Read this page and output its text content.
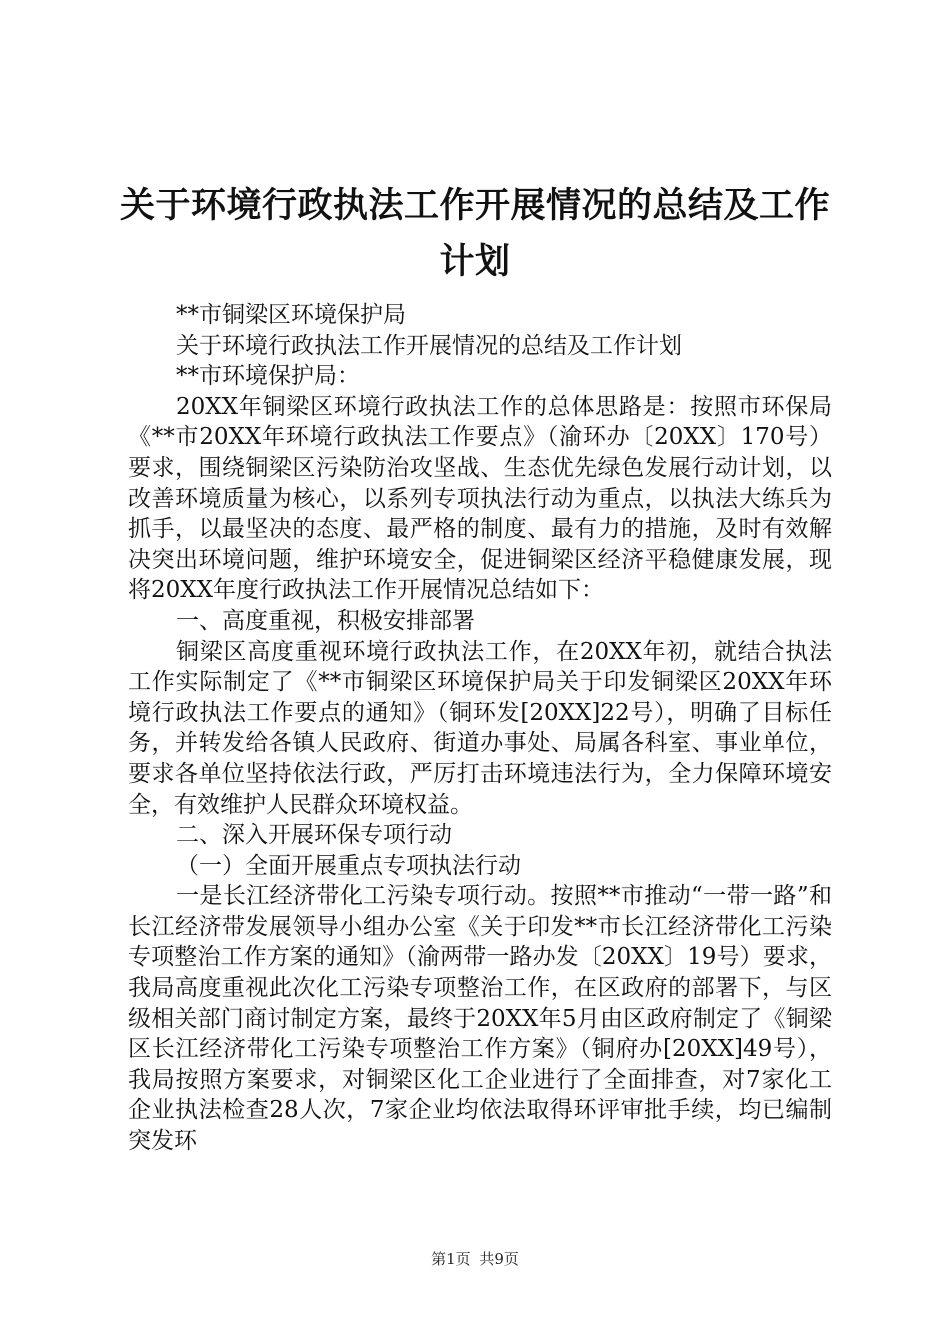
关于环境行政执法工作开展情况的总结及工作计划

**市铜梁区环境保护局

关于环境行政执法工作开展情况的总结及工作计划

**市环境保护局：

20XX年铜梁区环境行政执法工作的总体思路是：按照市环保局《**市20XX年环境行政执法工作要点》（渝环办〔20XX〕170号）要求，围绕铜梁区污染防治攻坚战、生态优先绿色发展行动计划，以改善环境质量为核心，以系列专项执法行动为重点，以执法大练兵为抓手，以最坚决的态度、最严格的制度、最有力的措施，及时有效解决突出环境问题，维护环境安全，促进铜梁区经济平稳健康发展，现将20XX年度行政执法工作开展情况总结如下：

一、高度重视，积极安排部署

铜梁区高度重视环境行政执法工作，在20XX年初，就结合执法工作实际制定了《**市铜梁区环境保护局关于印发铜梁区20XX年环境行政执法工作要点的通知》（铜环发[20XX]22号），明确了目标任务，并转发给各镇人民政府、街道办事处、局属各科室、事业单位，要求各单位坚持依法行政，严厉打击环境违法行为，全力保障环境安全，有效维护人民群众环境权益。

二、深入开展环保专项行动

（一）全面开展重点专项执法行动

一是长江经济带化工污染专项行动。按照**市推动“一带一路”和长江经济带发展领导小组办公室《关于印发**市长江经济带化工污染专项整治工作方案的通知》（渝两带一路办发〔20XX〕19号）要求，我局高度重视此次化工污染专项整治工作，在区政府的部署下，与区级相关部门商讨制定方案，最终于20XX年5月由区政府制定了《铜梁区长江经济带化工污染专项整治工作方案》（铜府办[20XX]49号），我局按照方案要求，对铜梁区化工企业进行了全面排查，对7家化工企业执法检查28人次，7家企业均依法取得环评审批手续，均已编制突发环

第1页 共9页
